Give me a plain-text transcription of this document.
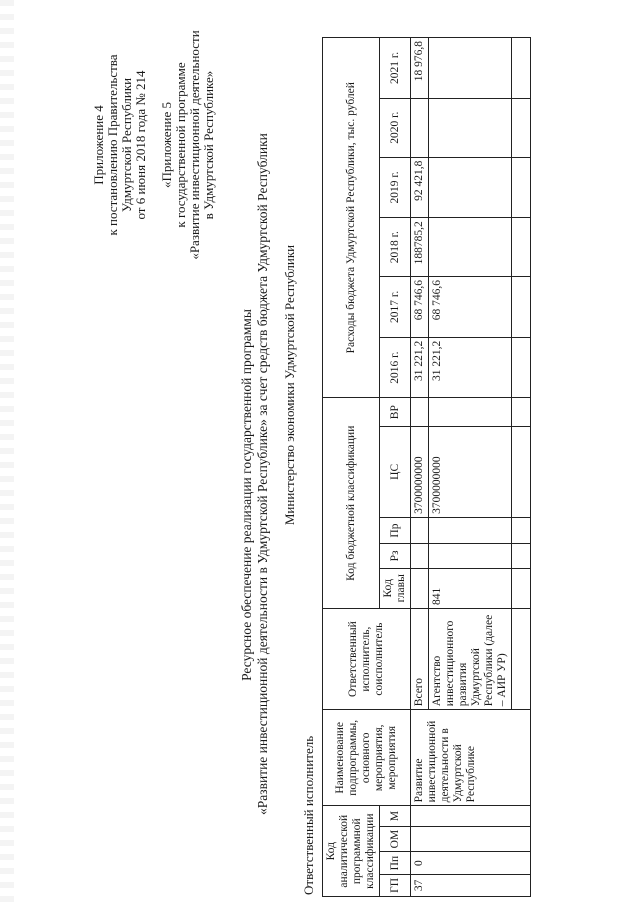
Приложение 4 к постановлению Правительства Удмуртской Республики от 6 июня 2018 года № 214 «Приложение 5 к государственной программе «Развитие инвестиционной деятельности в Удмуртской Республике»
Ресурсное обеспечение реализации государственной программы «Развитие инвестиционной деятельности в Удмуртской Республике» за счет средств бюджета Удмуртской Республики Министерство экономики Удмуртской Республики
Ответственный исполнитель Код аналитической программной классификации				Наименование подпрограммы, основного мероприятия, мероприятия	Ответственный исполнитель, соисполнитель	Код бюджетной классификации					Расходы бюджета Удмуртской Республики, тыс. рублей					
ГП	Пп	ОМ	М			Код главы	Рз	Пр	ЦС	ВР	2016 г.	2017 г.	2018 г.	2019 г.	2020 г.	2021 г.
37	0			Развитие инвестиционной деятельности в Удмуртской Республике	Всего				3700000000		31 221,2	68 746,6	188785,2	92 421,8		18 976,8
					Агентство инвестиционного развития Удмуртской Республики (далее – АИР УР)	841			3700000000		31 221,2	68 746,6				
